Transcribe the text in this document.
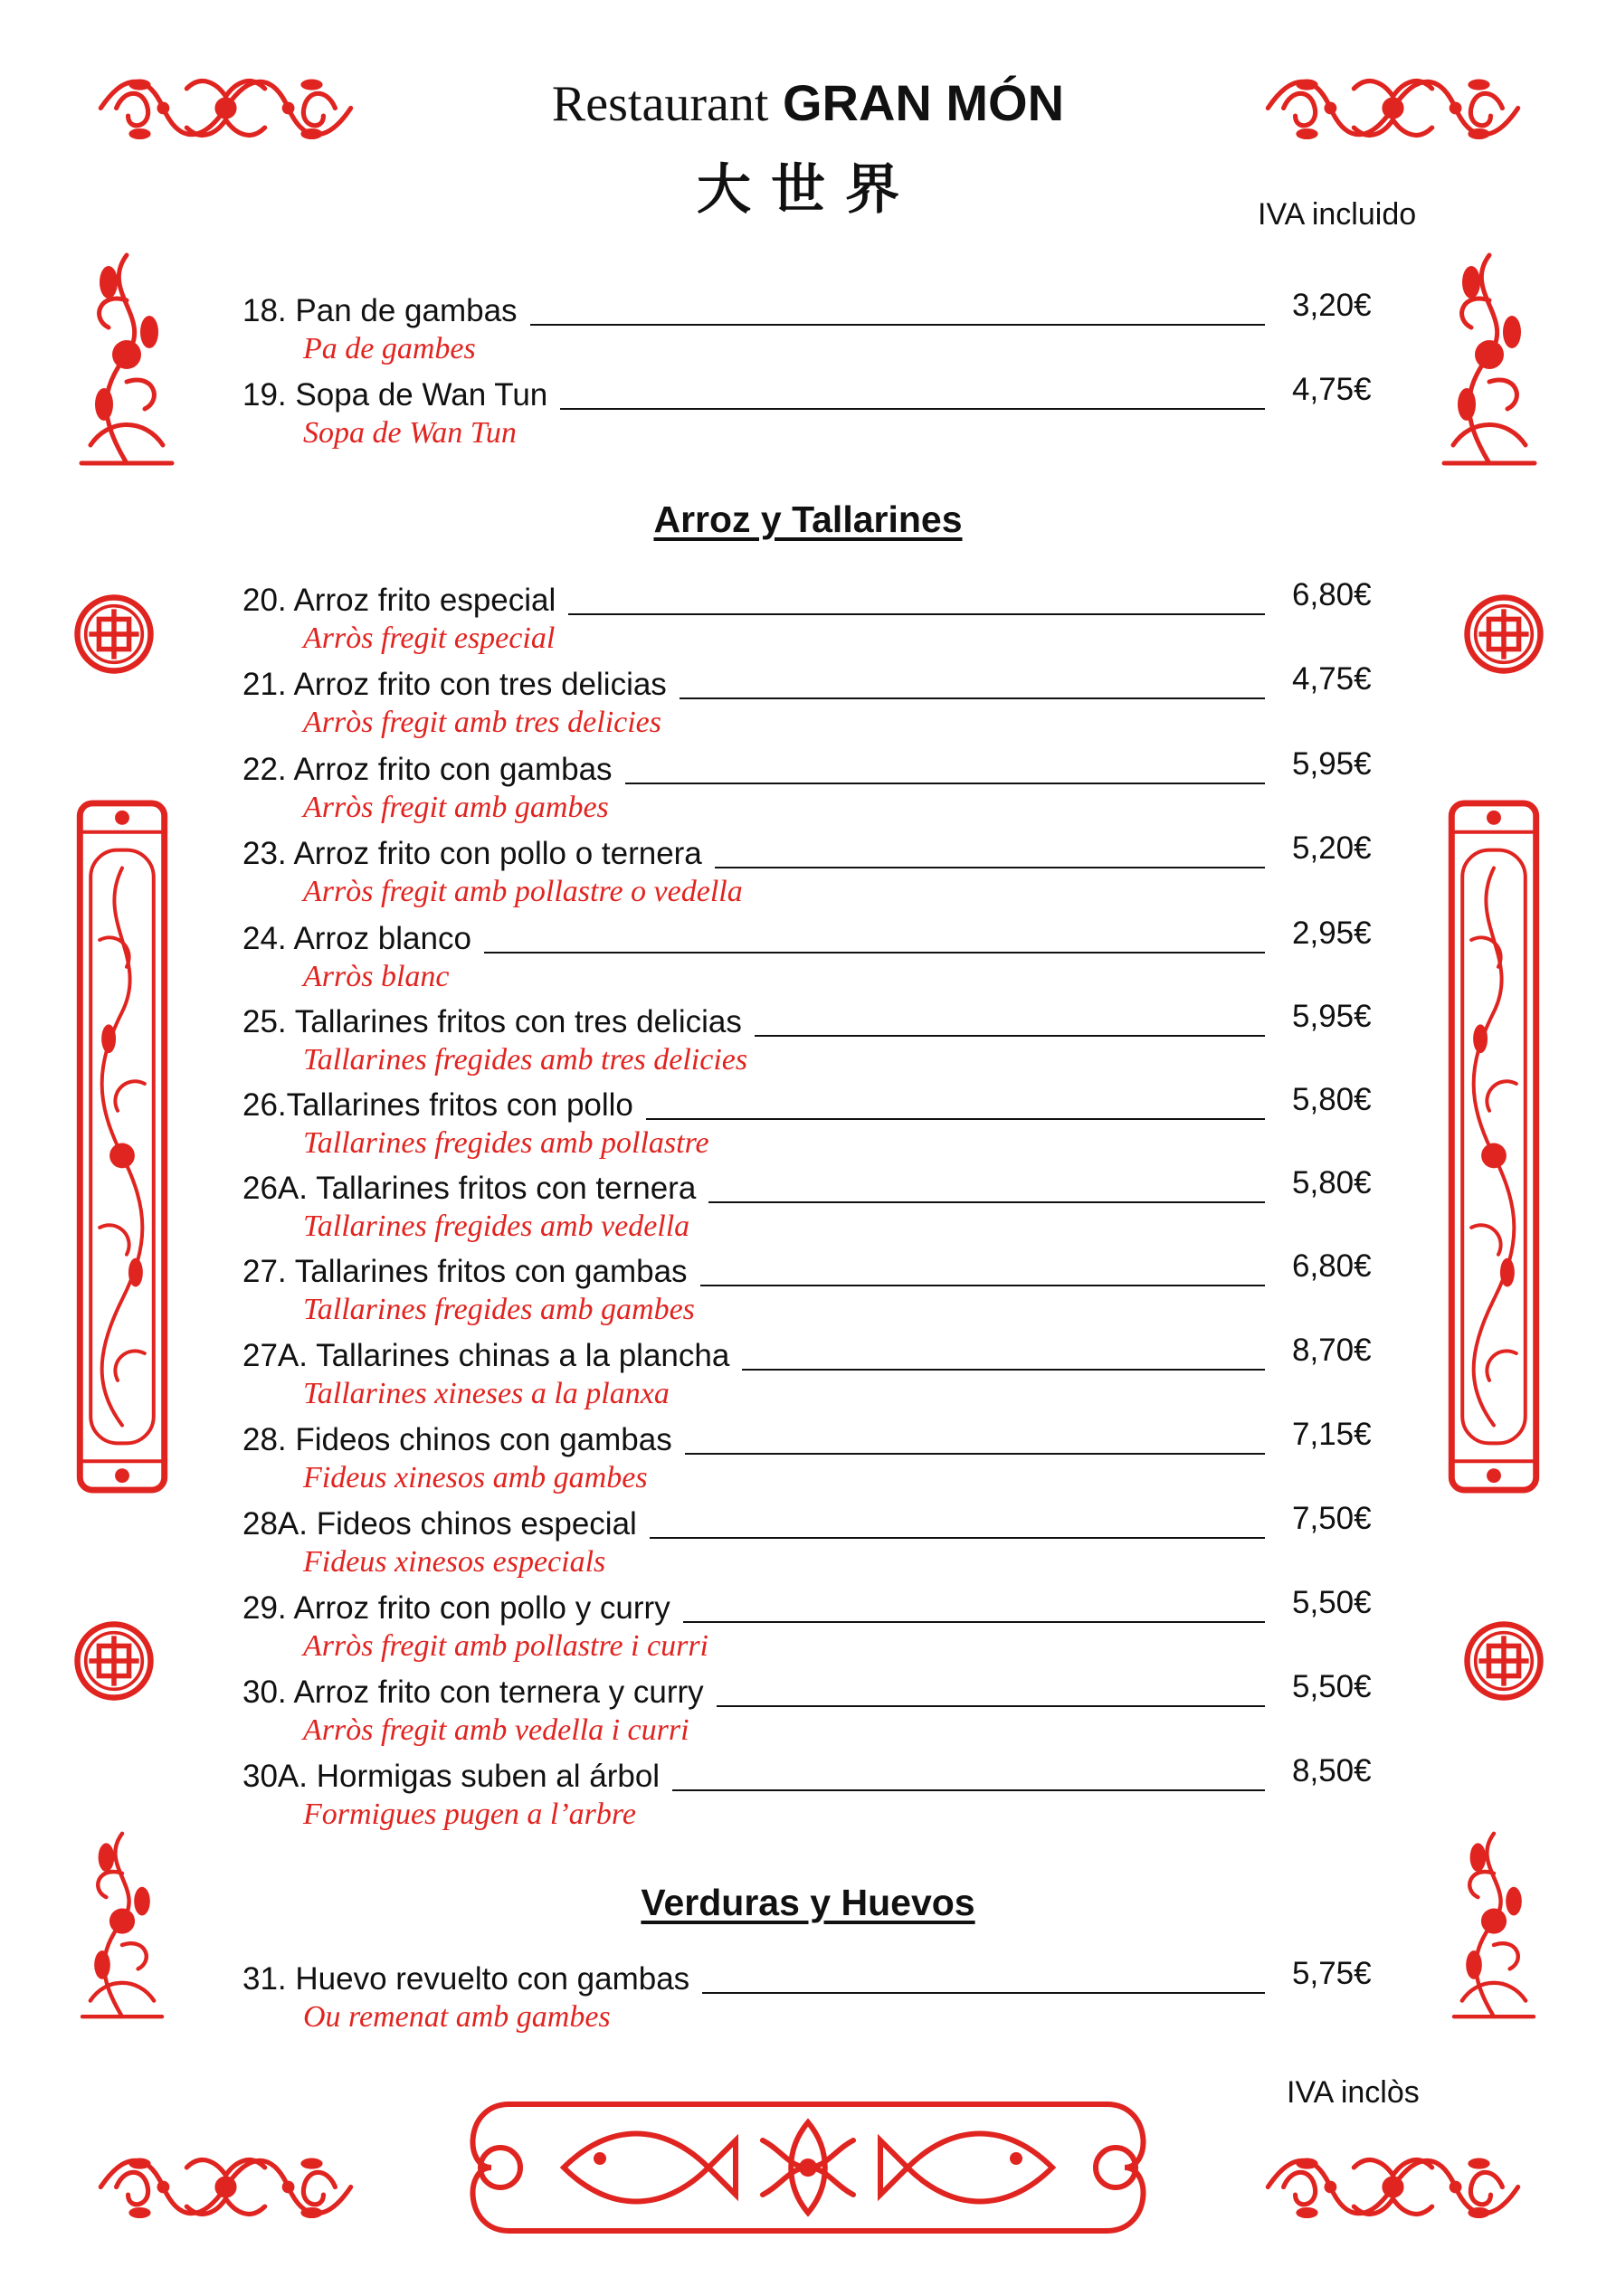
Restaurant GRAN MÓN
大世界	IVA incluido
IVA inclòs
Arroz y Tallarines
Verduras y Huevos
18. Pan de gambas	3,20€
Pa de gambes
19. Sopa de Wan Tun	4,75€
Sopa de Wan Tun
20. Arroz frito especial	6,80€
Arròs fregit especial
21. Arroz frito con tres delicias	4,75€
Arròs fregit amb tres delicies
22. Arroz frito con gambas	5,95€
Arròs fregit amb gambes
23. Arroz frito con pollo o ternera	5,20€
Arròs fregit amb pollastre o vedella
24. Arroz blanco	2,95€
Arròs blanc
25. Tallarines fritos con tres delicias	5,95€
Tallarines fregides amb tres delicies
26.Tallarines fritos con pollo	5,80€
Tallarines fregides amb pollastre
26A. Tallarines fritos con ternera	5,80€
Tallarines fregides amb vedella
27. Tallarines fritos con gambas	6,80€
Tallarines fregides amb gambes
27A. Tallarines chinas a la plancha	8,70€
Tallarines xineses a la planxa
28. Fideos chinos con gambas	7,15€
Fideus xinesos amb gambes
28A. Fideos chinos especial	7,50€
Fideus xinesos especials
29. Arroz frito con pollo y curry	5,50€
Arròs fregit amb pollastre i curri
30. Arroz frito con ternera y curry	5,50€
Arròs fregit amb vedella i curri
30A. Hormigas suben al árbol	8,50€
Formigues pugen a l’arbre
31. Huevo revuelto con gambas	5,75€
Ou remenat amb gambes
